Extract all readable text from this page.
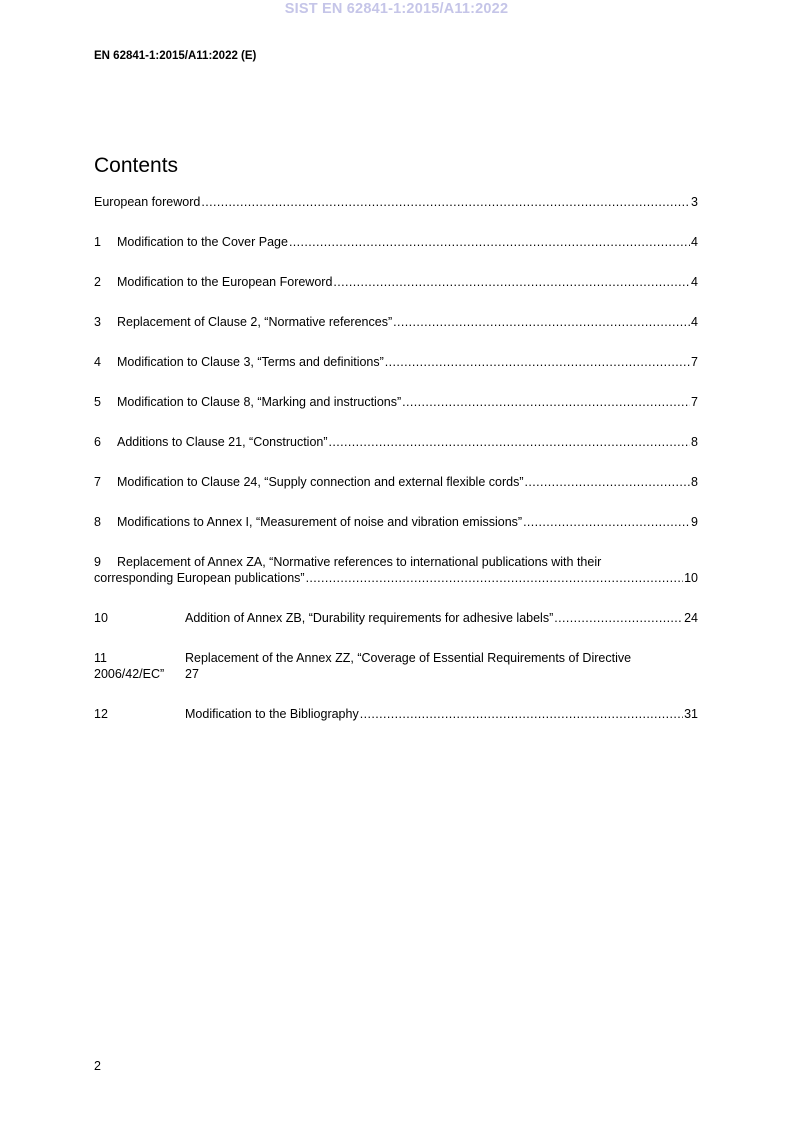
SIST EN 62841-1:2015/A11:2022
EN 62841-1:2015/A11:2022 (E)
Contents
European foreword .....	3
1	Modification to the Cover Page .....	4
2	Modification to the European Foreword .....	4
3	Replacement of Clause 2, “Normative references” .....	4
4	Modification to Clause 3, “Terms and definitions” .....	7
5	Modification to Clause 8, “Marking and instructions” .....	7
6	Additions to Clause 21, “Construction” .....	8
7	Modification to Clause 24, “Supply connection and external flexible cords” .....	8
8	Modifications to Annex I, “Measurement of noise and vibration emissions” .....	9
9 Replacement of Annex ZA, “Normative references to international publications with their
corresponding European publications” .....	10
10	Addition of Annex ZB, “Durability requirements for adhesive labels” .....	24
11	Replacement of the Annex ZZ, “Coverage of Essential Requirements of Directive
2006/42/EC” 27
12	Modification to the Bibliography .....	31
2
